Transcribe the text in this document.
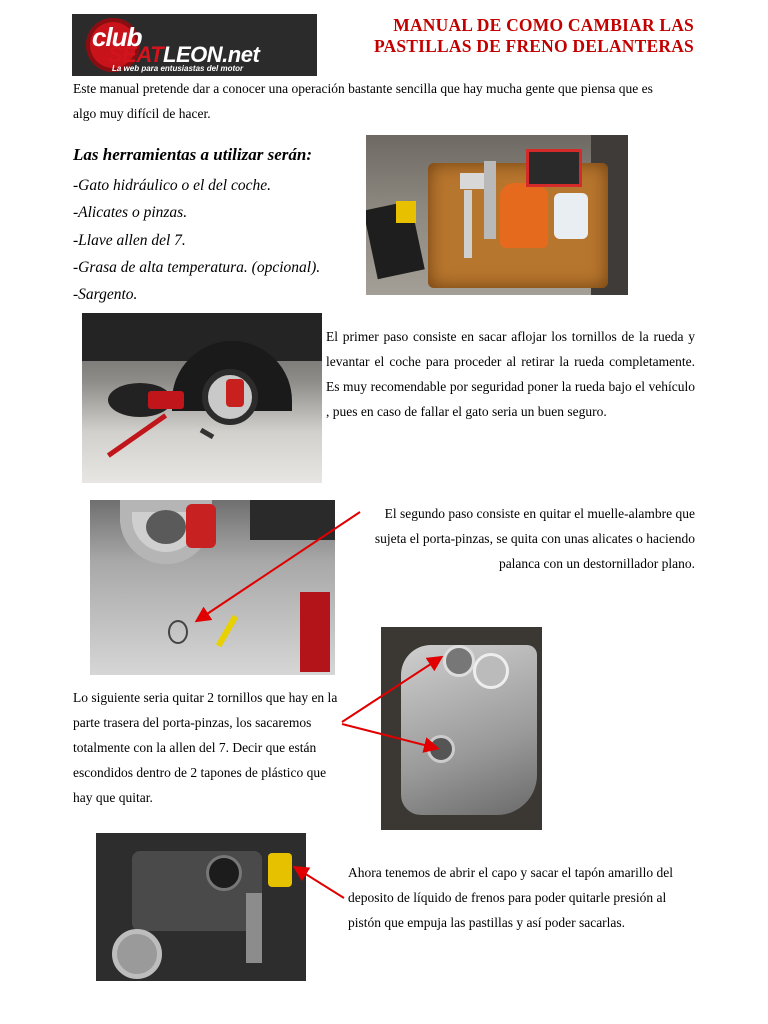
club
SEATLEON.net
La web para entusiastas del motor
MANUAL DE COMO CAMBIAR LAS
PASTILLAS DE FRENO DELANTERAS
Este manual pretende dar a conocer una operación bastante sencilla que hay mucha gente que piensa que es algo muy difícil de hacer.
Las herramientas a utilizar serán:
-Gato hidráulico o el del coche.
-Alicates o pinzas.
-Llave allen del 7.
-Grasa de alta temperatura. (opcional).
-Sargento.
El primer paso consiste en sacar aflojar los tornillos de la rueda y levantar el coche para proceder al retirar la rueda completamente. Es muy recomendable por seguridad poner la rueda bajo el vehículo , pues en caso de fallar el gato seria un buen seguro.
El segundo paso consiste en quitar el muelle-alambre que sujeta el porta-pinzas, se quita con unas alicates o haciendo palanca con un destornillador plano.
Lo siguiente seria quitar 2 tornillos que hay en la parte trasera del porta-pinzas, los sacaremos totalmente con la allen del 7. Decir que están escondidos dentro de 2 tapones de plástico que hay que quitar.
Ahora tenemos de abrir el capo y sacar el tapón amarillo del deposito de líquido de frenos para poder quitarle presión al pistón que empuja las pastillas y así poder sacarlas.
